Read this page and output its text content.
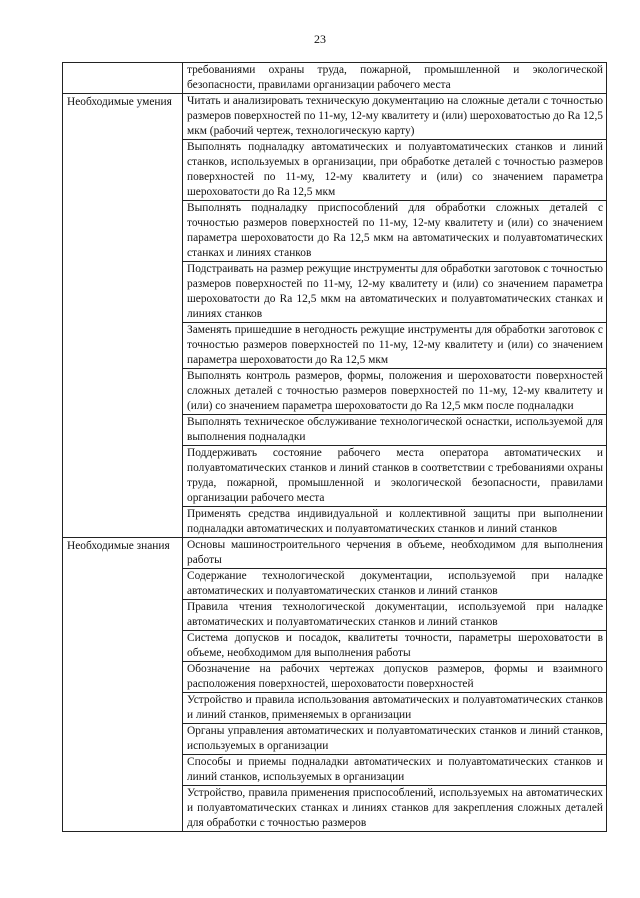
23
	требованиями охраны труда, пожарной, промышленной и экологической безопасности, правилами организации рабочего места
Необходимые умения	Читать и анализировать техническую документацию на сложные детали с точностью размеров поверхностей по 11-му, 12-му квалитету и (или) шероховатостью до Ra 12,5 мкм (рабочий чертеж, технологическую карту)
	Выполнять подналадку автоматических и полуавтоматических станков и линий станков, используемых в организации, при обработке деталей с точностью размеров поверхностей по 11-му, 12-му квалитету и (или) со значением параметра шероховатости до Ra 12,5 мкм
	Выполнять подналадку приспособлений для обработки сложных деталей с точностью размеров поверхностей по 11-му, 12-му квалитету и (или) со значением параметра шероховатости до Ra 12,5 мкм на автоматических и полуавтоматических станках и линиях станков
	Подстраивать на размер режущие инструменты для обработки заготовок с точностью размеров поверхностей по 11-му, 12-му квалитету и (или) со значением параметра шероховатости до Ra 12,5 мкм на автоматических и полуавтоматических станках и линиях станков
	Заменять пришедшие в негодность режущие инструменты для обработки заготовок с точностью размеров поверхностей по 11-му, 12-му квалитету и (или) со значением параметра шероховатости до Ra 12,5 мкм
	Выполнять контроль размеров, формы, положения и шероховатости поверхностей сложных деталей с точностью размеров поверхностей по 11-му, 12-му квалитету и (или) со значением параметра шероховатости до Ra 12,5 мкм после подналадки
	Выполнять техническое обслуживание технологической оснастки, используемой для выполнения подналадки
	Поддерживать состояние рабочего места оператора автоматических и полуавтоматических станков и линий станков в соответствии с требованиями охраны труда, пожарной, промышленной и экологической безопасности, правилами организации рабочего места
	Применять средства индивидуальной и коллективной защиты при выполнении подналадки автоматических и полуавтоматических станков и линий станков
Необходимые знания	Основы машиностроительного черчения в объеме, необходимом для выполнения работы
	Содержание технологической документации, используемой при наладке автоматических и полуавтоматических станков и линий станков
	Правила чтения технологической документации, используемой при наладке автоматических и полуавтоматических станков и линий станков
	Система допусков и посадок, квалитеты точности, параметры шероховатости в объеме, необходимом для выполнения работы
	Обозначение на рабочих чертежах допусков размеров, формы и взаимного расположения поверхностей, шероховатости поверхностей
	Устройство и правила использования автоматических и полуавтоматических станков и линий станков, применяемых в организации
	Органы управления автоматических и полуавтоматических станков и линий станков, используемых в организации
	Способы и приемы подналадки автоматических и полуавтоматических станков и линий станков, используемых в организации
	Устройство, правила применения приспособлений, используемых на автоматических и полуавтоматических станках и линиях станков для закрепления сложных деталей для обработки с точностью размеров
